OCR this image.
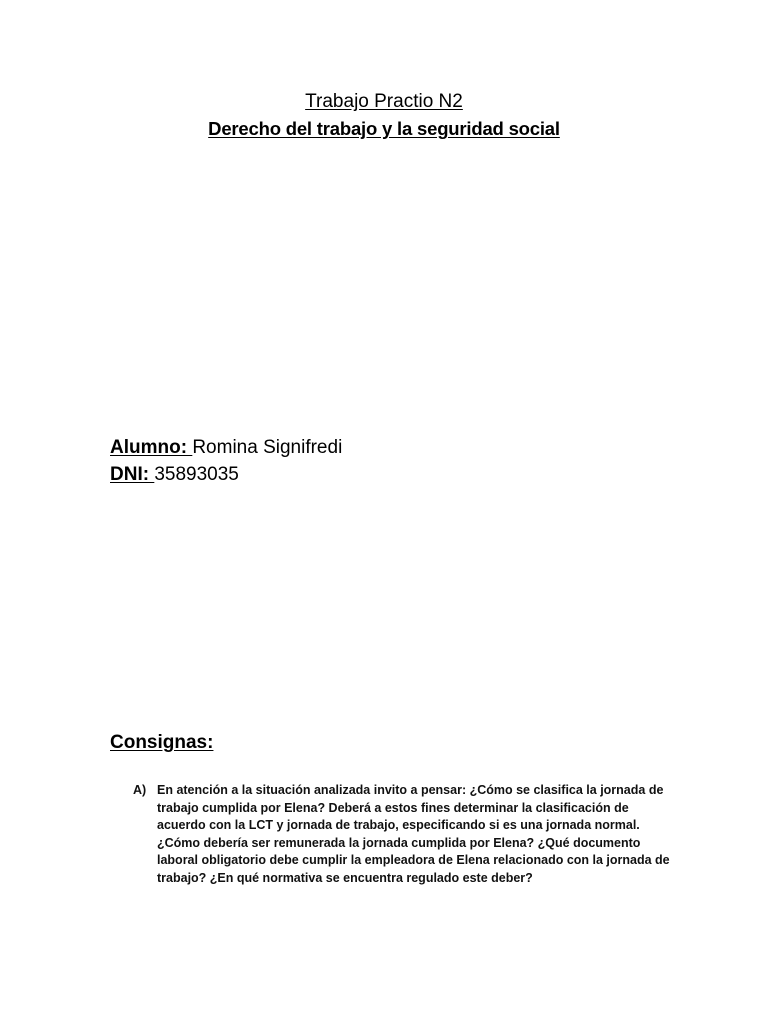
Trabajo Practio N2
Derecho del trabajo y la seguridad social
Alumno: Romina Signifredi
DNI: 35893035
Consignas:
A) En atención a la situación analizada invito a pensar: ¿Cómo se clasifica la jornada de trabajo cumplida por Elena? Deberá a estos fines determinar la clasificación de acuerdo con la LCT y jornada de trabajo, especificando si es una jornada normal. ¿Cómo debería ser remunerada la jornada cumplida por Elena? ¿Qué documento laboral obligatorio debe cumplir la empleadora de Elena relacionado con la jornada de trabajo? ¿En qué normativa se encuentra regulado este deber?
